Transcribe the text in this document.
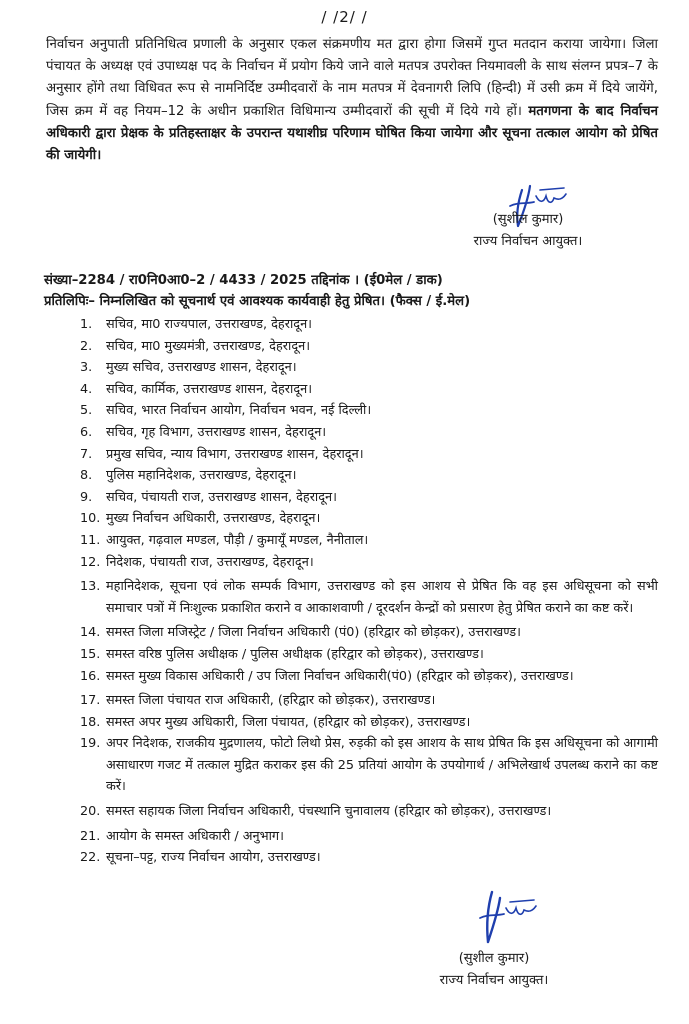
/ /2/ /
निर्वाचन अनुपाती प्रतिनिधित्व प्रणाली के अनुसार एकल संक्रमणीय मत द्वारा होगा जिसमें गुप्त मतदान कराया जायेगा। जिला पंचायत के अध्यक्ष एवं उपाध्यक्ष पद के निर्वाचन में प्रयोग किये जाने वाले मतपत्र उपरोक्त नियमावली के साथ संलग्न प्रपत्र–7 के अनुसार होंगे तथा विधिवत रूप से नामनिर्दिष्ट उम्मीदवारों के नाम मतपत्र में देवनागरी लिपि (हिन्दी) में उसी क्रम में दिये जायेंगे, जिस क्रम में वह नियम–12 के अधीन प्रकाशित विधिमान्य उम्मीदवारों की सूची में दिये गये हों। मतगणना के बाद निर्वाचन अधिकारी द्वारा प्रेक्षक के प्रतिहस्ताक्षर के उपरान्त यथाशीघ्र परिणाम घोषित किया जायेगा और सूचना तत्काल आयोग को प्रेषित की जायेगी।
(सुशील कुमार)
राज्य निर्वाचन आयुक्त।
संख्या–2284 / रा0नि0आ0–2 / 4433 / 2025 तद्दिनांक । (ई0मेल / डाक)
प्रतिलिपिः– निम्नलिखित को सूचनार्थ एवं आवश्यक कार्यवाही हेतु प्रेषित। (फैक्स / ई.मेल)
1.	सचिव, मा0 राज्यपाल, उत्तराखण्ड, देहरादून।
2.	सचिव, मा0 मुख्यमंत्री, उत्तराखण्ड, देहरादून।
3.	मुख्य सचिव, उत्तराखण्ड शासन, देहरादून।
4.	सचिव, कार्मिक, उत्तराखण्ड शासन, देहरादून।
5.	सचिव, भारत निर्वाचन आयोग, निर्वाचन भवन, नई दिल्ली।
6.	सचिव, गृह विभाग, उत्तराखण्ड शासन, देहरादून।
7.	प्रमुख सचिव, न्याय विभाग, उत्तराखण्ड शासन, देहरादून।
8.	पुलिस महानिदेशक, उत्तराखण्ड, देहरादून।
9.	सचिव, पंचायती राज, उत्तराखण्ड शासन, देहरादून।
10. मुख्य निर्वाचन अधिकारी, उत्तराखण्ड, देहरादून।
11. आयुक्त, गढ़वाल मण्डल, पौड़ी / कुमायूँ मण्डल, नैनीताल।
12. निदेशक, पंचायती राज, उत्तराखण्ड, देहरादून।
13. महानिदेशक, सूचना एवं लोक सम्पर्क विभाग, उत्तराखण्ड को इस आशय से प्रेषित कि वह इस अधिसूचना को सभी समाचार पत्रों में निःशुल्क प्रकाशित कराने व आकाशवाणी / दूरदर्शन केन्द्रों को प्रसारण हेतु प्रेषित कराने का कष्ट करें।
14. समस्त जिला मजिस्ट्रेट / जिला निर्वाचन अधिकारी (पं0) (हरिद्वार को छोड़कर), उत्तराखण्ड।
15. समस्त वरिष्ठ पुलिस अधीक्षक / पुलिस अधीक्षक (हरिद्वार को छोड़कर), उत्तराखण्ड।
16. समस्त मुख्य विकास अधिकारी / उप जिला निर्वाचन अधिकारी(पं0) (हरिद्वार को छोड़कर), उत्तराखण्ड।
17. समस्त जिला पंचायत राज अधिकारी, (हरिद्वार को छोड़कर), उत्तराखण्ड।
18. समस्त अपर मुख्य अधिकारी, जिला पंचायत, (हरिद्वार को छोड़कर), उत्तराखण्ड।
19. अपर निदेशक, राजकीय मुद्रणालय, फोटो लिथो प्रेस, रुड़की को इस आशय के साथ प्रेषित कि इस अधिसूचना को आगामी असाधारण गजट में तत्काल मुद्रित कराकर इस की 25 प्रतियां आयोग के उपयोगार्थ / अभिलेखार्थ उपलब्ध कराने का कष्ट करें।
20. समस्त सहायक जिला निर्वाचन अधिकारी, पंचस्थानि चुनावालय (हरिद्वार को छोड़कर), उत्तराखण्ड।
21. आयोग के समस्त अधिकारी / अनुभाग।
22. सूचना–पट्ट, राज्य निर्वाचन आयोग, उत्तराखण्ड।
(सुशील कुमार)
राज्य निर्वाचन आयुक्त।
